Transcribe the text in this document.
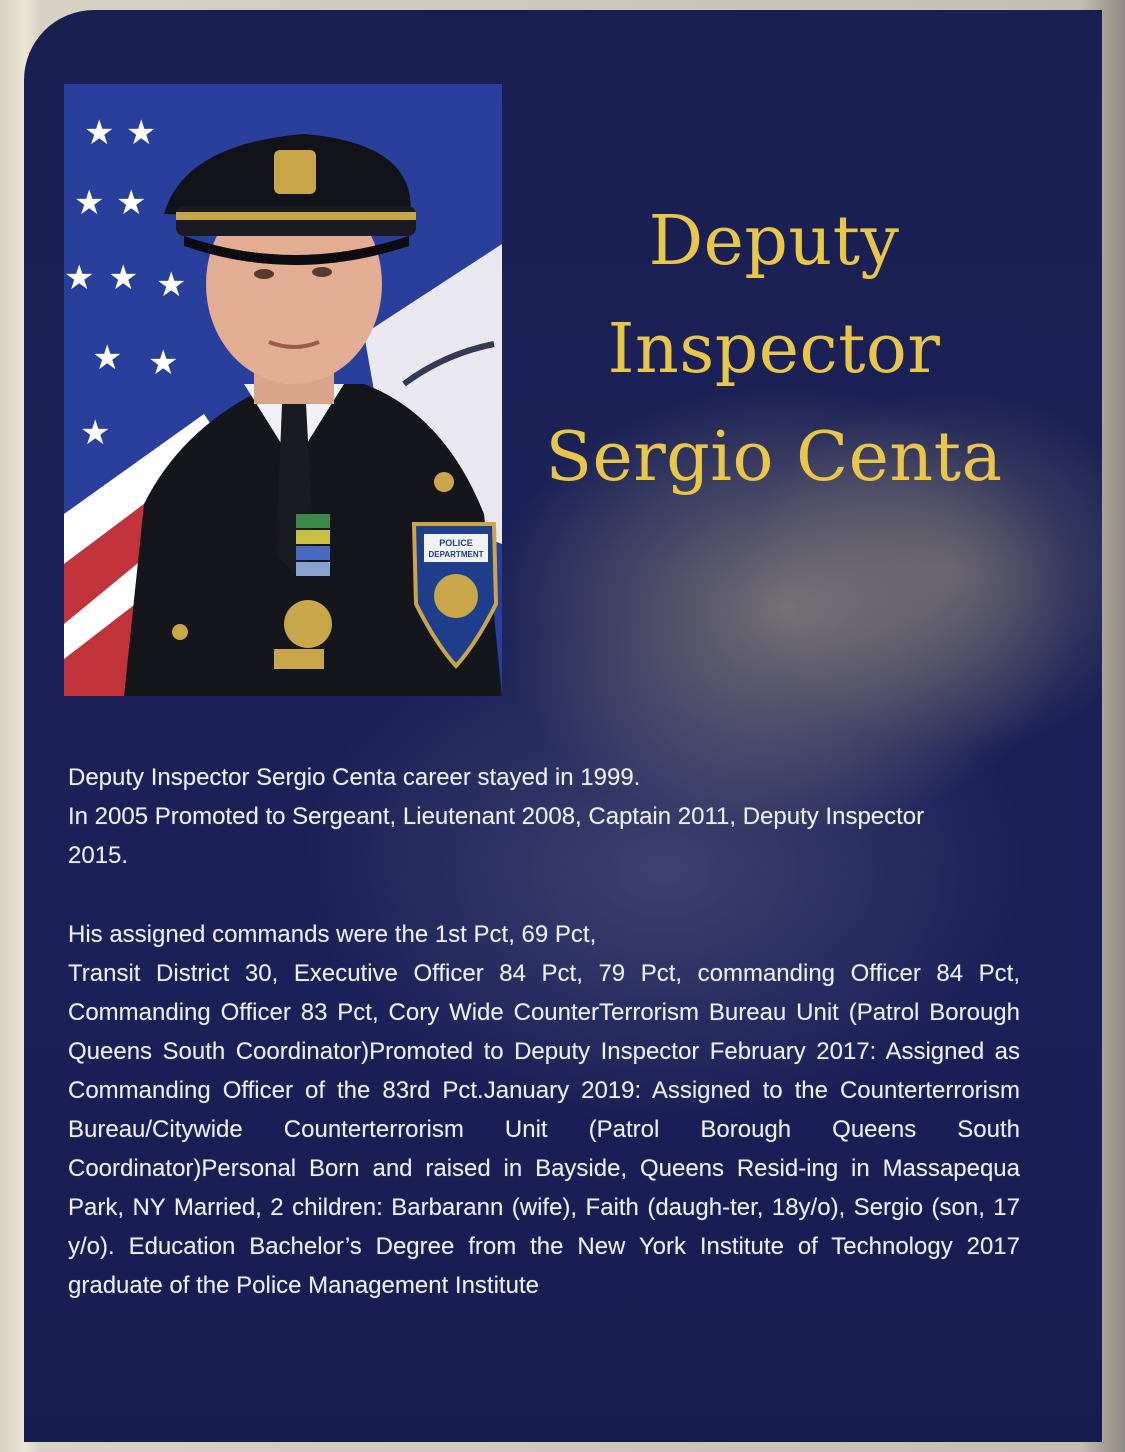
★ ★
★ ★
★ ★ ★
★ ★
★
POLICE
DEPARTMENT
Deputy
Inspector
Sergio Centa

Deputy Inspector Sergio Centa career stayed in 1999.

In 2005 Promoted to Sergeant, Lieutenant 2008, Captain 2011, Deputy Inspector

2015.

His assigned commands were the 1st Pct, 69 Pct,

Transit District 30, Executive Officer 84 Pct, 79 Pct, commanding Officer 84 Pct, Commanding Officer 83 Pct, Cory Wide CounterTerrorism Bureau Unit (Patrol Borough Queens South Coordinator)Promoted to Deputy Inspector February 2017: Assigned as Commanding Officer of the 83rd Pct.January 2019: Assigned to the Counterterrorism Bureau/Citywide Counterterrorism Unit (Patrol Borough Queens South Coordinator)Personal Born and raised in Bayside, Queens Resid-ing in Massapequa Park, NY Married, 2 children: Barbarann (wife), Faith (daugh-ter, 18y/o), Sergio (son, 17 y/o). Education Bachelor’s Degree from the New York Institute of Technology 2017 graduate of the Police Management Institute
